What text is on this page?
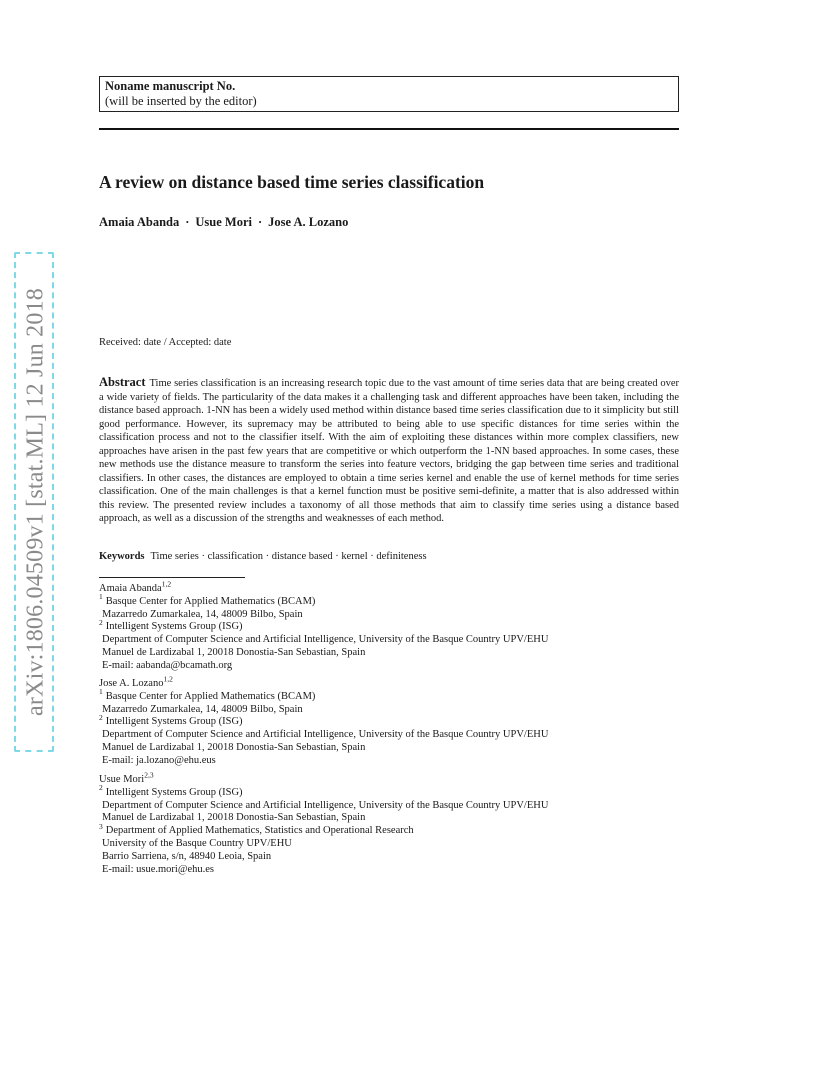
arXiv:1806.04509v1 [stat.ML] 12 Jun 2018
Noname manuscript No.
(will be inserted by the editor)
A review on distance based time series classification
Amaia Abanda · Usue Mori · Jose A. Lozano
Received: date / Accepted: date

Abstract Time series classification is an increasing research topic due to the vast amount of time series data that are being created over a wide variety of fields. The particularity of the data makes it a challenging task and different approaches have been taken, including the distance based approach. 1-NN has been a widely used method within distance based time series classification due to it simplicity but still good performance. However, its supremacy may be attributed to being able to use specific distances for time series within the classification process and not to the classifier itself. With the aim of exploiting these distances within more complex classifiers, new approaches have arisen in the past few years that are competitive or which outperform the 1-NN based approaches. In some cases, these new methods use the distance measure to transform the series into feature vectors, bridging the gap between time series and traditional classifiers. In other cases, the distances are employed to obtain a time series kernel and enable the use of kernel methods for time series classification. One of the main challenges is that a kernel function must be positive semi-definite, a matter that is also addressed within this review. The presented review includes a taxonomy of all those methods that aim to classify time series using a distance based approach, as well as a discussion of the strengths and weaknesses of each method.

Keywords Time series · classification · distance based · kernel · definiteness
Amaia Abanda$^{1,2}$
$^1$ Basque Center for Applied Mathematics (BCAM)
Mazarredo Zumarkalea, 14, 48009 Bilbo, Spain
$^2$ Intelligent Systems Group (ISG)
Department of Computer Science and Artificial Intelligence, University of the Basque Country UPV/EHU
Manuel de Lardizabal 1, 20018 Donostia-San Sebastian, Spain
E-mail: aabanda@bcamath.org
Jose A. Lozano$^{1,2}$
$^1$ Basque Center for Applied Mathematics (BCAM)
Mazarredo Zumarkalea, 14, 48009 Bilbo, Spain
$^2$ Intelligent Systems Group (ISG)
Department of Computer Science and Artificial Intelligence, University of the Basque Country UPV/EHU
Manuel de Lardizabal 1, 20018 Donostia-San Sebastian, Spain
E-mail: ja.lozano@ehu.eus
Usue Mori$^{2,3}$
$^2$ Intelligent Systems Group (ISG)
Department of Computer Science and Artificial Intelligence, University of the Basque Country UPV/EHU
Manuel de Lardizabal 1, 20018 Donostia-San Sebastian, Spain
$^3$ Department of Applied Mathematics, Statistics and Operational Research
University of the Basque Country UPV/EHU
Barrio Sarriena, s/n, 48940 Leoia, Spain
E-mail: usue.mori@ehu.es
